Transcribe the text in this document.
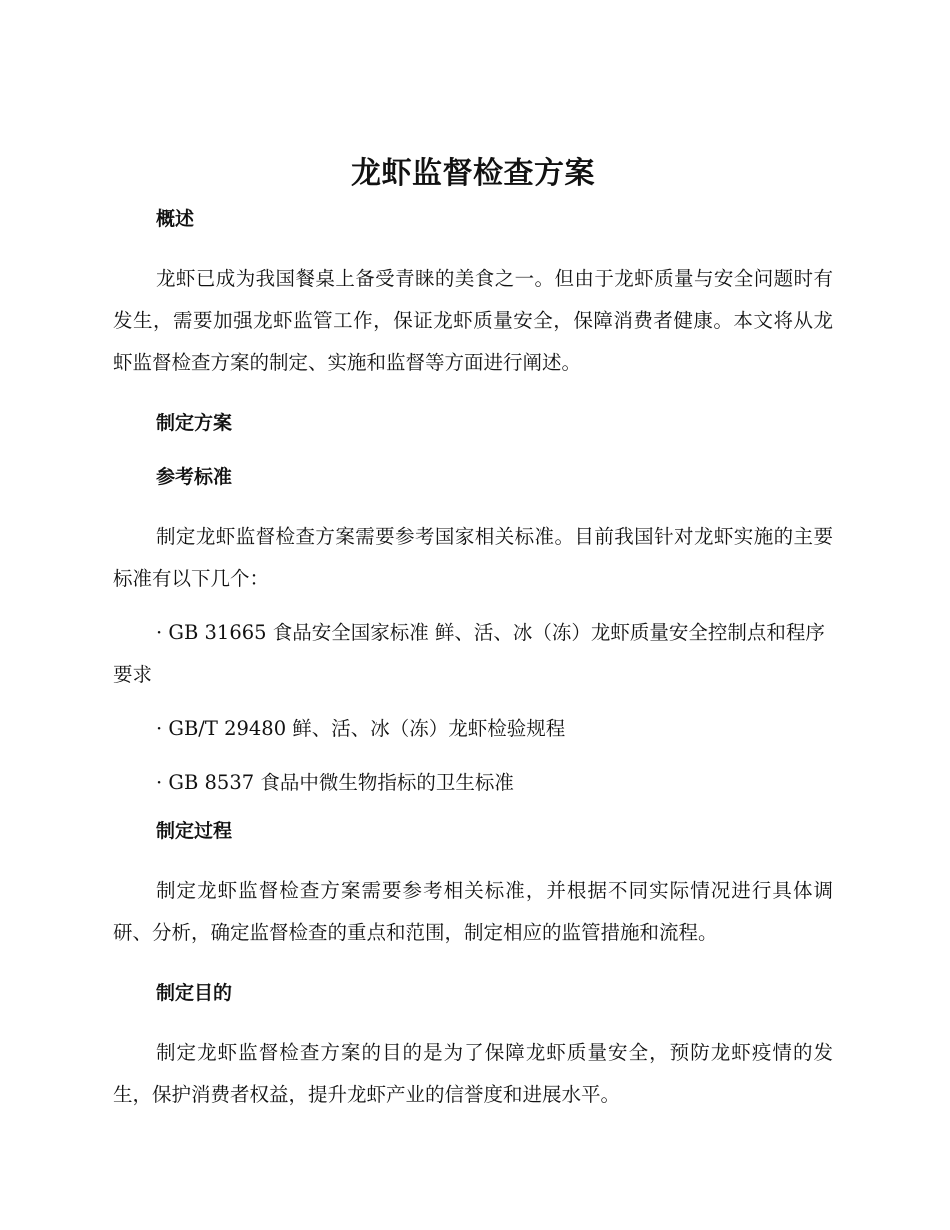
龙虾监督检查方案
概述

龙虾已成为我国餐桌上备受青睐的美食之一。但由于龙虾质量与安全问题时有发生，需要加强龙虾监管工作，保证龙虾质量安全，保障消费者健康。本文将从龙虾监督检查方案的制定、实施和监督等方面进行阐述。

制定方案
参考标准

制定龙虾监督检查方案需要参考国家相关标准。目前我国针对龙虾实施的主要标准有以下几个：

· GB 31665 食品安全国家标准 鲜、活、冰（冻）龙虾质量安全控制点和程序要求

· GB/T 29480 鲜、活、冰（冻）龙虾检验规程

· GB 8537 食品中微生物指标的卫生标准

制定过程

制定龙虾监督检查方案需要参考相关标准，并根据不同实际情况进行具体调研、分析，确定监督检查的重点和范围，制定相应的监管措施和流程。

制定目的

制定龙虾监督检查方案的目的是为了保障龙虾质量安全，预防龙虾疫情的发生，保护消费者权益，提升龙虾产业的信誉度和进展水平。
